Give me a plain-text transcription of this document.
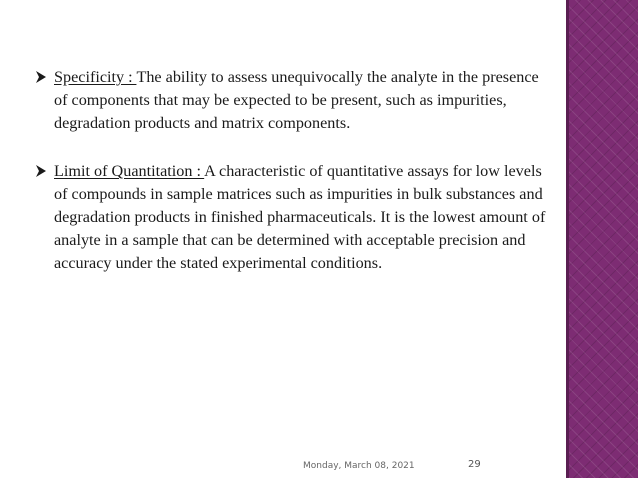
Specificity : The ability to assess unequivocally the analyte in the presence of components that may be expected to be present, such as impurities, degradation products and matrix components.
Limit of Quantitation : A characteristic of quantitative assays for low levels of compounds in sample matrices such as impurities in bulk substances and degradation products in finished pharmaceuticals. It is the lowest amount of analyte in a sample that can be determined with acceptable precision and accuracy under the stated experimental conditions.
Monday, March 08, 2021	29
